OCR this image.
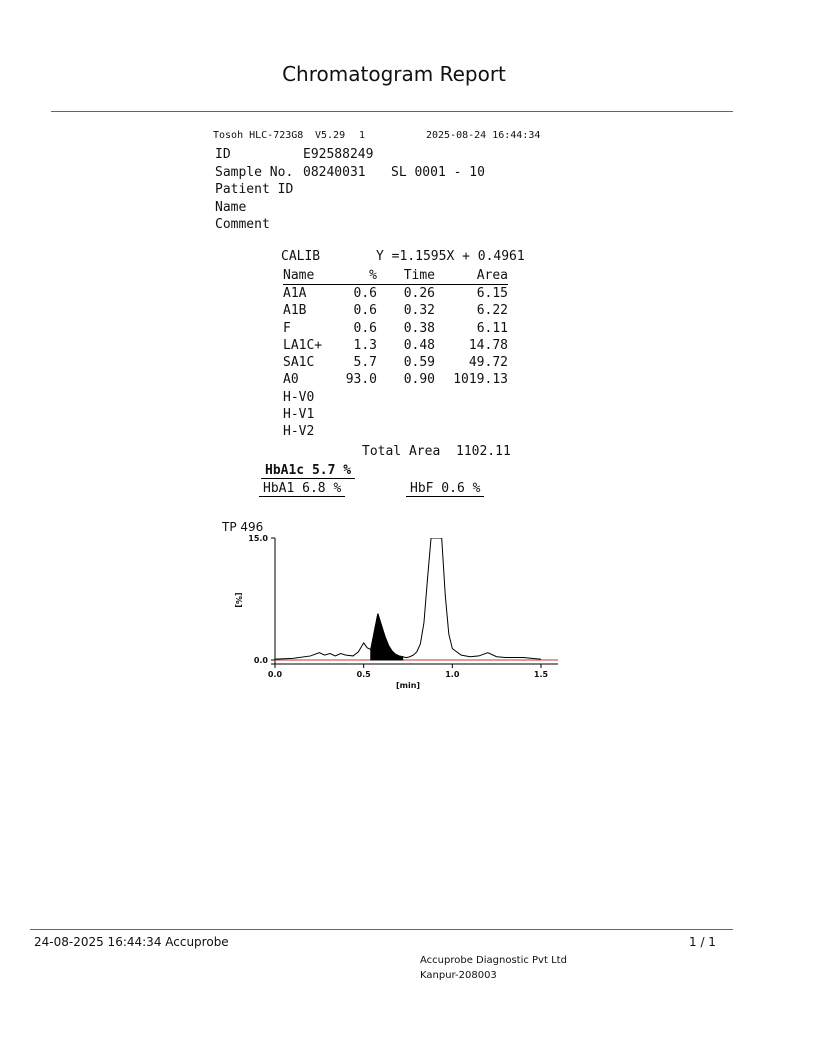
Chromatogram Report
Tosoh HLC-723G8 V5.29 1	2025-08-24 16:44:34
ID	E92588249
Sample No. 08240031 SL 0001 - 10
Patient ID
Name
Comment
CALIB	Y =1.1595X + 0.4961
Name	%	Time	Area
A1A	0.6	0.26	6.15
A1B	0.6	0.32	6.22
F	0.6	0.38	6.11
LA1C+	1.3	0.48	14.78
SA1C	5.7	0.59	49.72
A0	93.0	0.90	1019.13
H-V0			
H-V1			
H-V2			
Total Area 1102.11
HbA1c 5.7 %
HbA1 6.8 %	HbF 0.6 %
TP 496
0.0
15.0
0.0	0.5	1.0	1.5
[min]
[%]
24-08-2025 16:44:34 Accuprobe	1 / 1
Accuprobe Diagnostic Pvt Ltd
Kanpur-208003
